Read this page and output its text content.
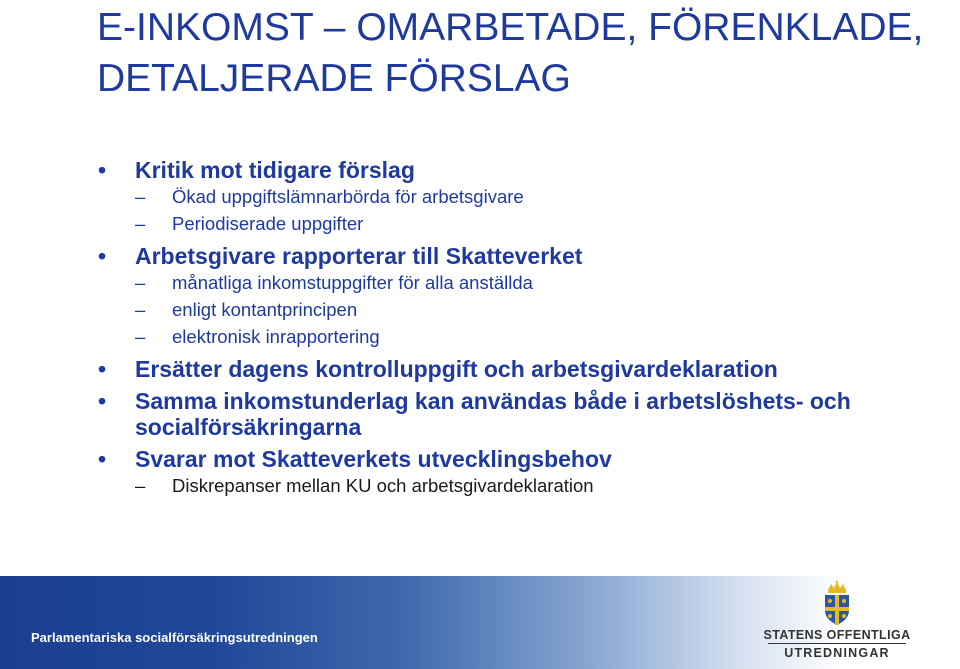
E-INKOMST – OMARBETADE, FÖRENKLADE, DETALJERADE FÖRSLAG
•	Kritik mot tidigare förslag
–	Ökad uppgiftslämnarbörda för arbetsgivare
–	Periodiserade uppgifter
•	Arbetsgivare rapporterar till Skatteverket
–	månatliga inkomstuppgifter för alla anställda
–	enligt kontantprincipen
–	elektronisk inrapportering
•	Ersätter dagens kontrolluppgift och arbetsgivardeklaration
•	Samma inkomstunderlag kan användas både i arbetslöshets- och socialförsäkringarna
•	Svarar mot Skatteverkets utvecklingsbehov
–	Diskrepanser mellan KU och arbetsgivardeklaration
Parlamentariska socialförsäkringsutredningen	STATENS OFFENTLIGA
UTREDNINGAR
